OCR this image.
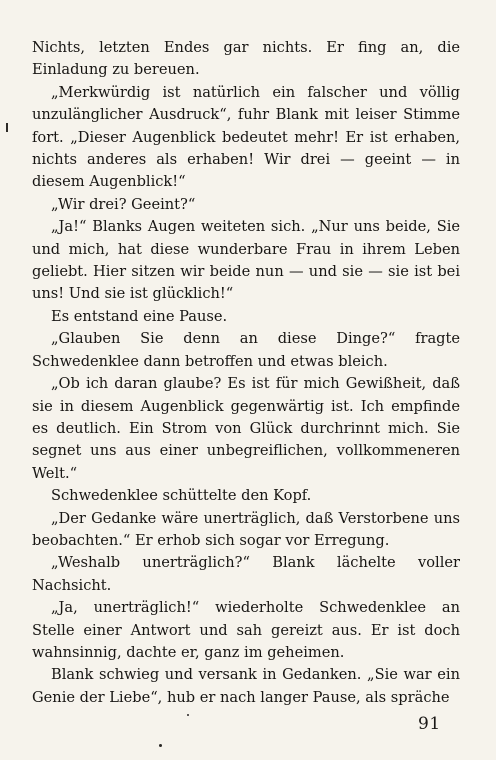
Nichts, letzten Endes gar nichts. Er fing an, die Einladung zu bereuen.

„Merkwürdig ist natürlich ein falscher und völlig unzulänglicher Ausdruck“, fuhr Blank mit leiser Stimme fort. „Dieser Augenblick bedeutet mehr! Er ist erhaben, nichts anderes als erhaben! Wir drei — geeint — in diesem Augenblick!“

„Wir drei? Geeint?“

„Ja!“ Blanks Augen weiteten sich. „Nur uns beide, Sie und mich, hat diese wunderbare Frau in ihrem Leben geliebt. Hier sitzen wir beide nun — und sie — sie ist bei uns! Und sie ist glücklich!“

Es entstand eine Pause.

„Glauben Sie denn an diese Dinge?“ fragte Schwedenklee dann betroffen und etwas bleich.

„Ob ich daran glaube? Es ist für mich Gewißheit, daß sie in diesem Augenblick gegenwärtig ist. Ich empfinde es deutlich. Ein Strom von Glück durchrinnt mich. Sie segnet uns aus einer unbegreiflichen, vollkommeneren Welt.“

Schwedenklee schüttelte den Kopf.

„Der Gedanke wäre unerträglich, daß Verstorbene uns beobachten.“ Er erhob sich sogar vor Erregung.

„Weshalb unerträglich?“ Blank lächelte voller Nachsicht.

„Ja, unerträglich!“ wiederholte Schwedenklee an Stelle einer Antwort und sah gereizt aus. Er ist doch wahnsinnig, dachte er, ganz im geheimen.

Blank schwieg und versank in Gedanken. „Sie war ein Genie der Liebe“, hub er nach langer Pause, als spräche

91
